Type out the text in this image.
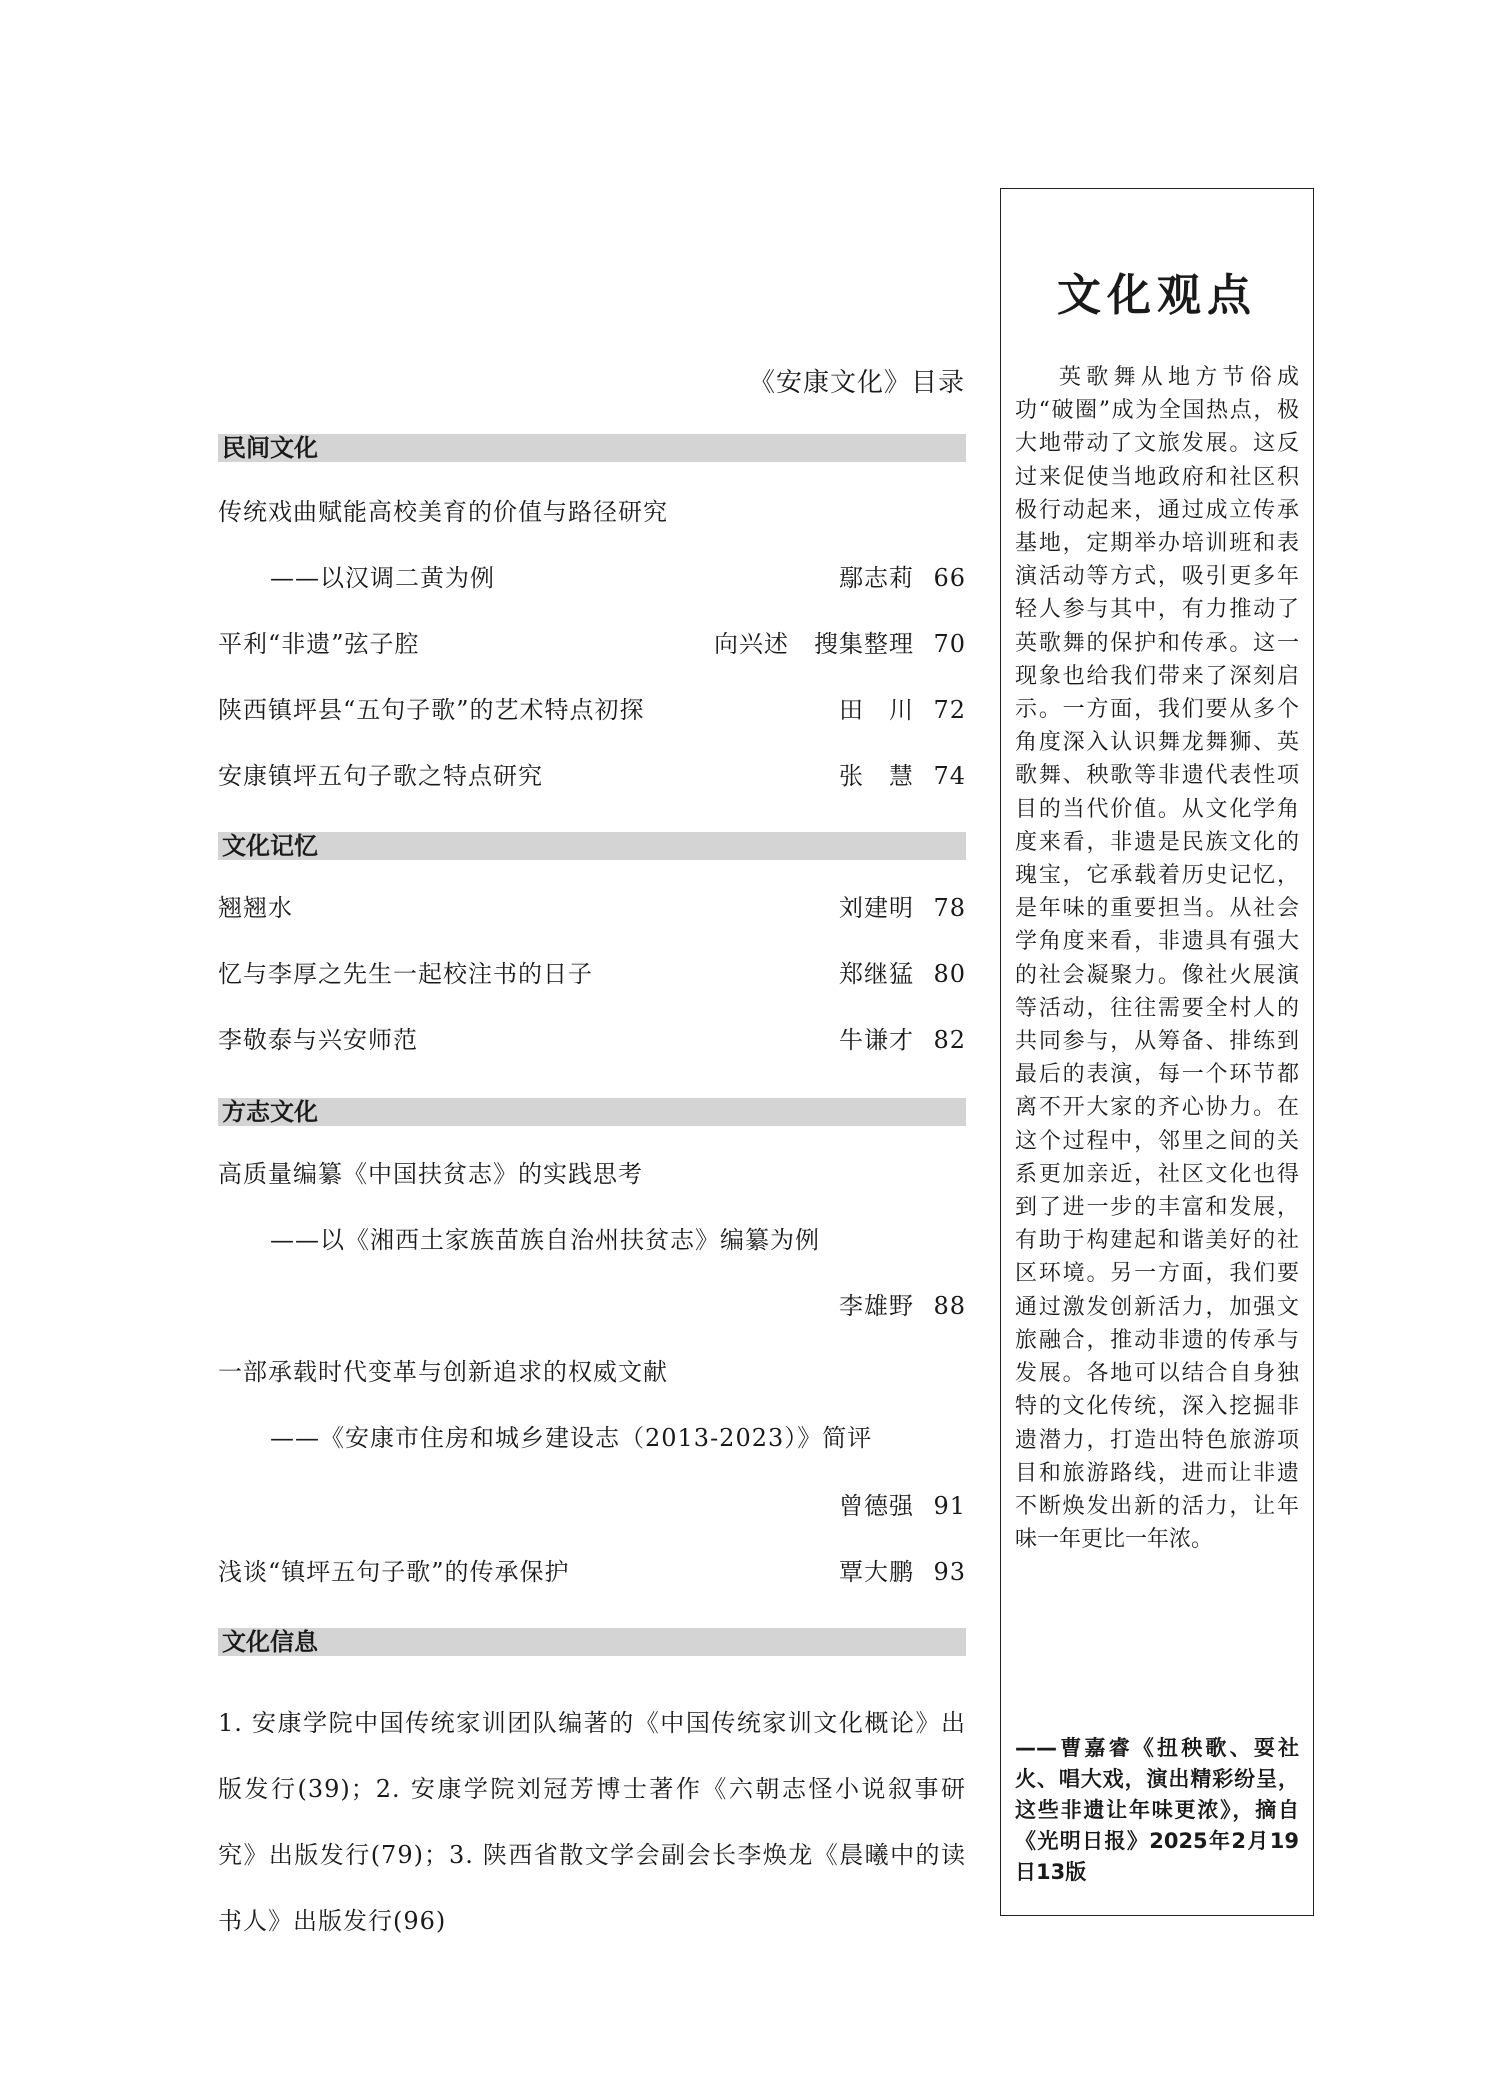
《安康文化》目录
民间文化
传统戏曲赋能高校美育的价值与路径研究
——以汉调二黄为例	鄢志莉 66
平利“非遗”弦子腔	向兴述　搜集整理 70
陕西镇坪县“五句子歌”的艺术特点初探	田　川 72
安康镇坪五句子歌之特点研究	张　慧 74
文化记忆
翘翘水	刘建明 78
忆与李厚之先生一起校注书的日子	郑继猛 80
李敬泰与兴安师范	牛谦才 82
方志文化
高质量编纂《中国扶贫志》的实践思考
——以《湘西土家族苗族自治州扶贫志》编纂为例
李雄野 88
一部承载时代变革与创新追求的权威文献
——《安康市住房和城乡建设志（2013-2023）》简评
曾德强 91
浅谈“镇坪五句子歌”的传承保护	覃大鹏 93
文化信息
1. 安康学院中国传统家训团队编著的《中国传统家训文化概论》出版发行(39)；2. 安康学院刘冠芳博士著作《六朝志怪小说叙事研究》出版发行(79)；3. 陕西省散文学会副会长李焕龙《晨曦中的读书人》出版发行(96)
文化观点
英歌舞从地方节俗成功“破圈”成为全国热点，极大地带动了文旅发展。这反过来促使当地政府和社区积极行动起来，通过成立传承基地，定期举办培训班和表演活动等方式，吸引更多年轻人参与其中，有力推动了英歌舞的保护和传承。这一现象也给我们带来了深刻启示。一方面，我们要从多个角度深入认识舞龙舞狮、英歌舞、秧歌等非遗代表性项目的当代价值。从文化学角度来看，非遗是民族文化的瑰宝，它承载着历史记忆，是年味的重要担当。从社会学角度来看，非遗具有强大的社会凝聚力。像社火展演等活动，往往需要全村人的共同参与，从筹备、排练到最后的表演，每一个环节都离不开大家的齐心协力。在这个过程中，邻里之间的关系更加亲近，社区文化也得到了进一步的丰富和发展，有助于构建起和谐美好的社区环境。另一方面，我们要通过激发创新活力，加强文旅融合，推动非遗的传承与发展。各地可以结合自身独特的文化传统，深入挖掘非遗潜力，打造出特色旅游项目和旅游路线，进而让非遗不断焕发出新的活力，让年味一年更比一年浓。
——曹嘉睿《扭秧歌、耍社火、唱大戏，演出精彩纷呈，这些非遗让年味更浓》，摘自《光明日报》2025年2月19日13版
